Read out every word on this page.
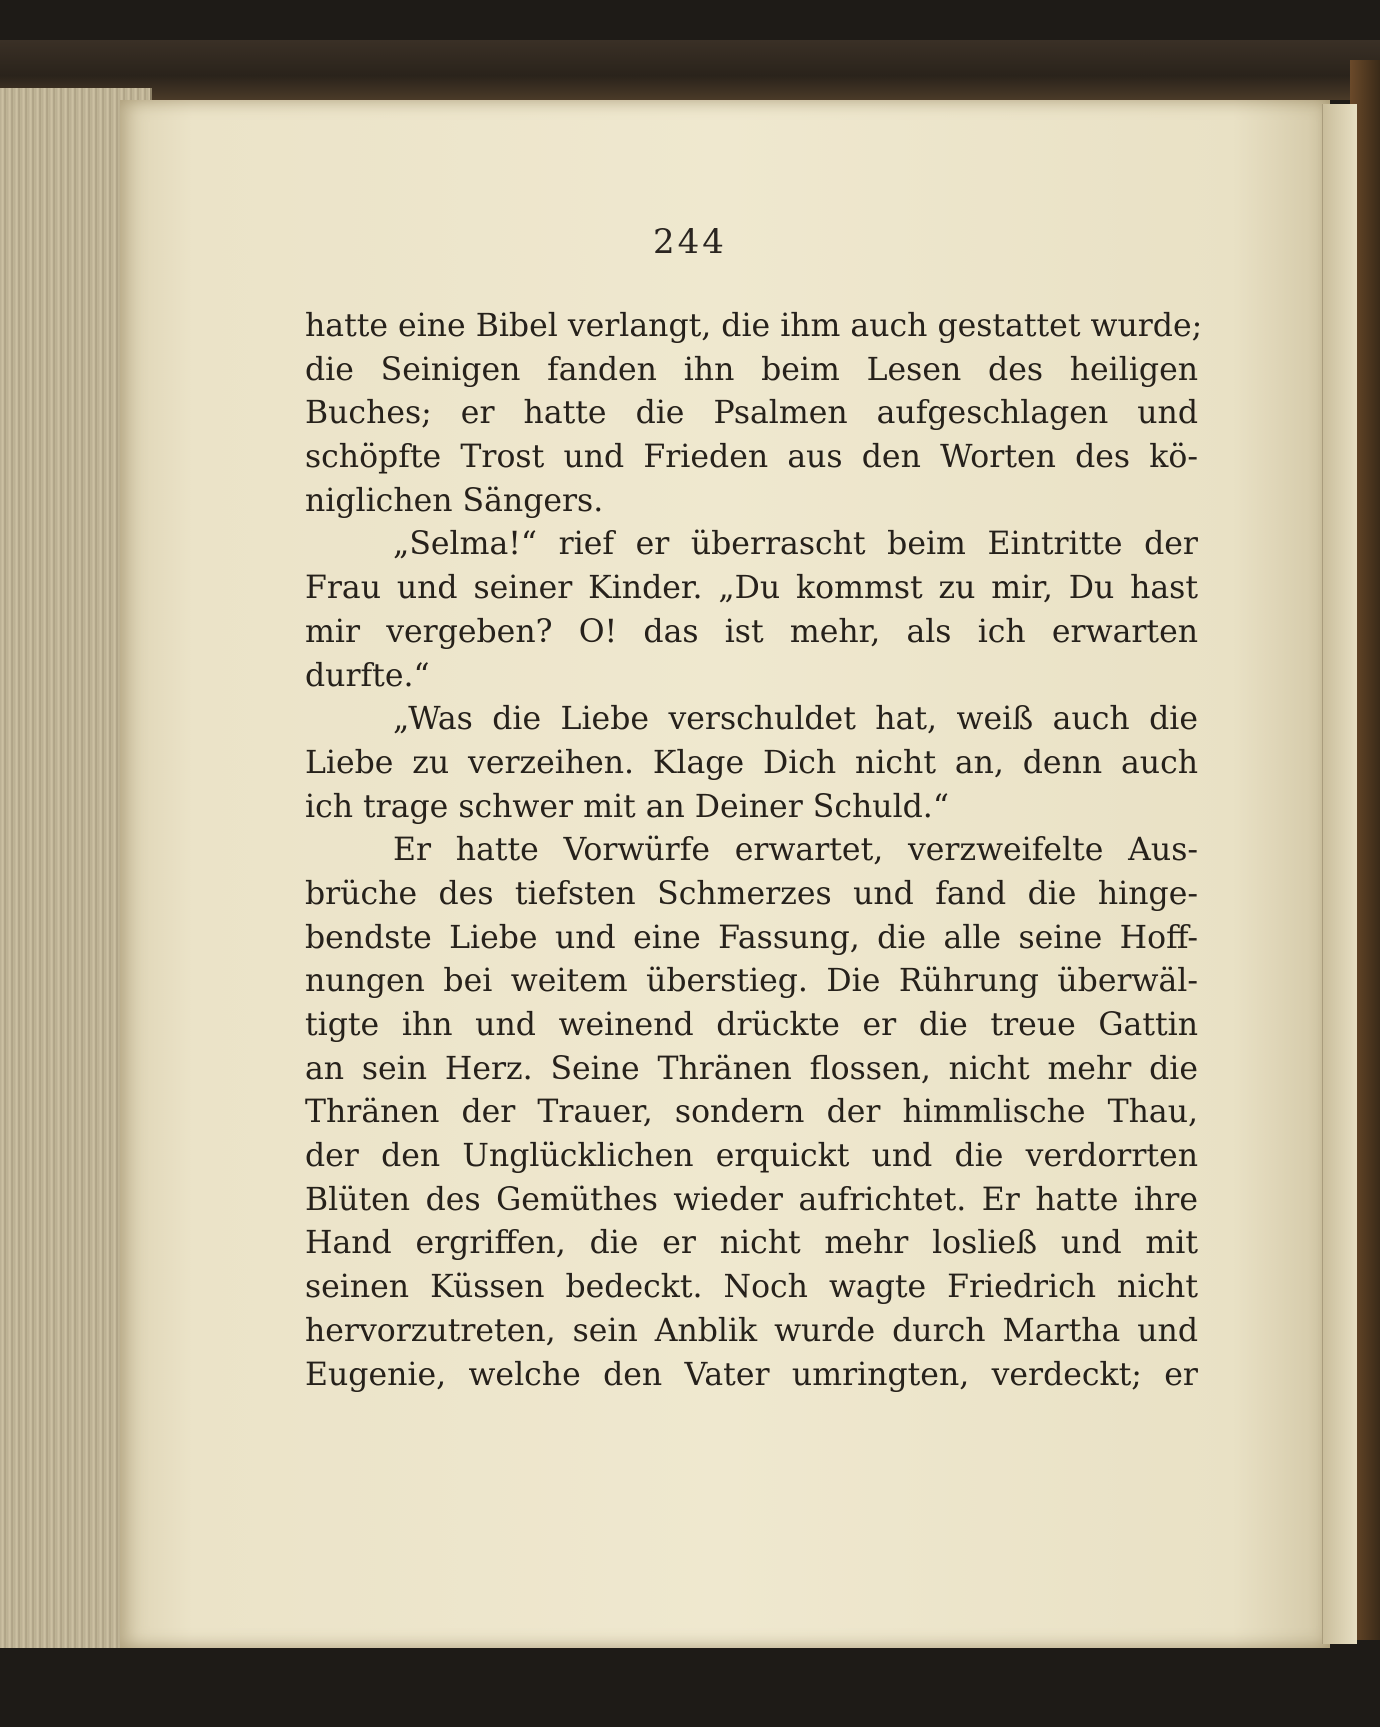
244
hatte eine Bibel verlangt, die ihm auch gestattet wurde;
die Seinigen fanden ihn beim Lesen des heiligen
Buches; er hatte die Psalmen aufgeschlagen und
schöpfte Trost und Frieden aus den Worten des kö-
niglichen Sängers.
„Selma!“ rief er überrascht beim Eintritte der
Frau und seiner Kinder. „Du kommst zu mir, Du hast
mir vergeben? O! das ist mehr, als ich erwarten
durfte.“
„Was die Liebe verschuldet hat, weiß auch die
Liebe zu verzeihen. Klage Dich nicht an, denn auch
ich trage schwer mit an Deiner Schuld.“
Er hatte Vorwürfe erwartet, verzweifelte Aus-
brüche des tiefsten Schmerzes und fand die hinge-
bendste Liebe und eine Fassung, die alle seine Hoff-
nungen bei weitem überstieg. Die Rührung überwäl-
tigte ihn und weinend drückte er die treue Gattin
an sein Herz. Seine Thränen flossen, nicht mehr die
Thränen der Trauer, sondern der himmlische Thau,
der den Unglücklichen erquickt und die verdorrten
Blüten des Gemüthes wieder aufrichtet. Er hatte ihre
Hand ergriffen, die er nicht mehr losließ und mit
seinen Küssen bedeckt. Noch wagte Friedrich nicht
hervorzutreten, sein Anblik wurde durch Martha und
Eugenie, welche den Vater umringten, verdeckt; er
